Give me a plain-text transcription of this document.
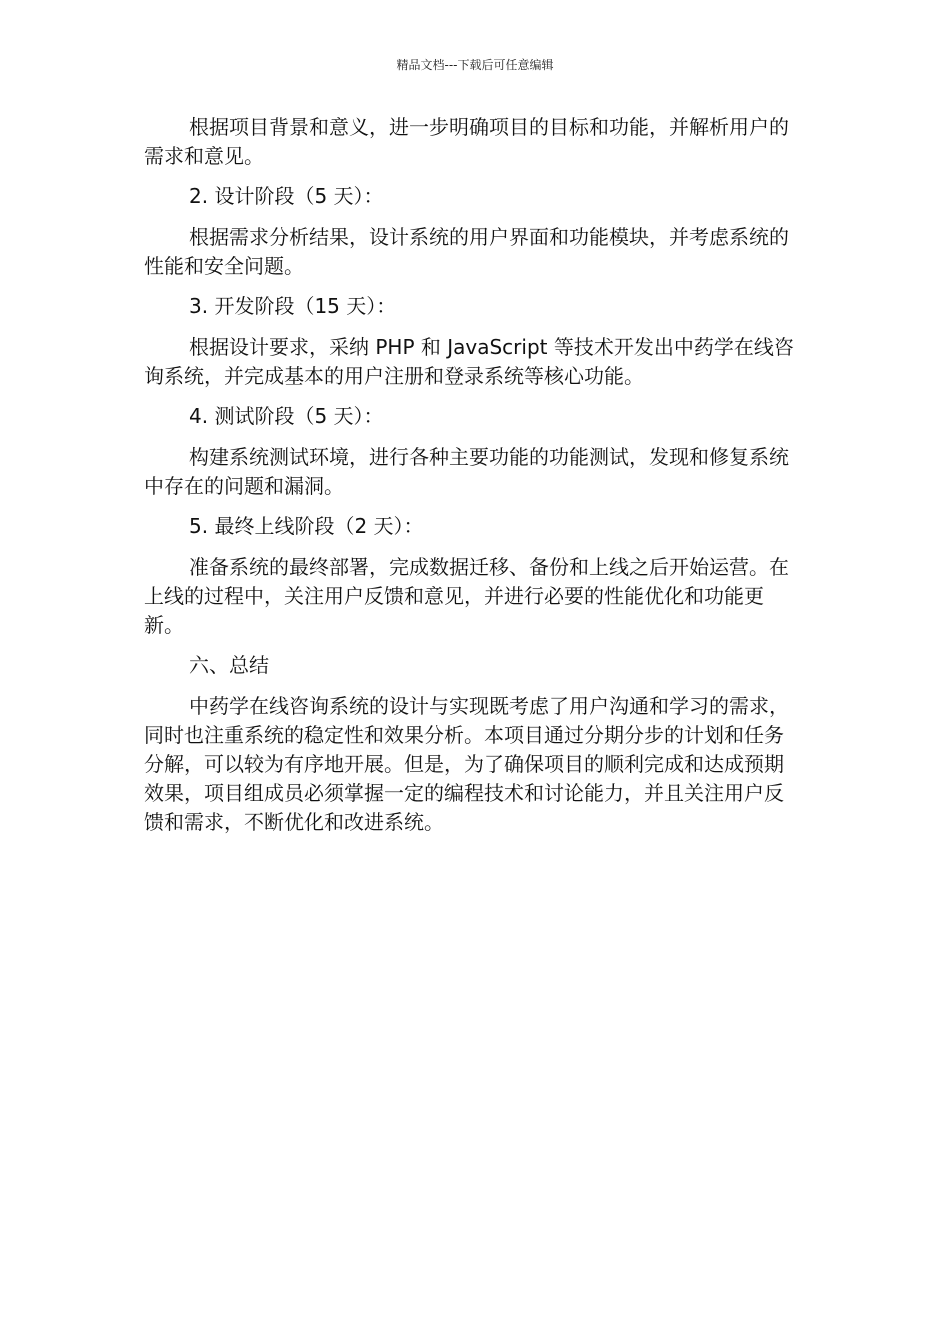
精品文档---下载后可任意编辑

根据项目背景和意义，进一步明确项目的目标和功能，并解析用户的需求和意见。

2. 设计阶段（5 天）：

根据需求分析结果，设计系统的用户界面和功能模块，并考虑系统的性能和安全问题。

3. 开发阶段（15 天）：

根据设计要求，采纳 PHP 和 JavaScript 等技术开发出中药学在线咨询系统，并完成基本的用户注册和登录系统等核心功能。

4. 测试阶段（5 天）：

构建系统测试环境，进行各种主要功能的功能测试，发现和修复系统中存在的问题和漏洞。

5. 最终上线阶段（2 天）：

准备系统的最终部署，完成数据迁移、备份和上线之后开始运营。在上线的过程中，关注用户反馈和意见，并进行必要的性能优化和功能更新。

六、总结

中药学在线咨询系统的设计与实现既考虑了用户沟通和学习的需求，同时也注重系统的稳定性和效果分析。本项目通过分期分步的计划和任务分解，可以较为有序地开展。但是，为了确保项目的顺利完成和达成预期效果，项目组成员必须掌握一定的编程技术和讨论能力，并且关注用户反馈和需求，不断优化和改进系统。
